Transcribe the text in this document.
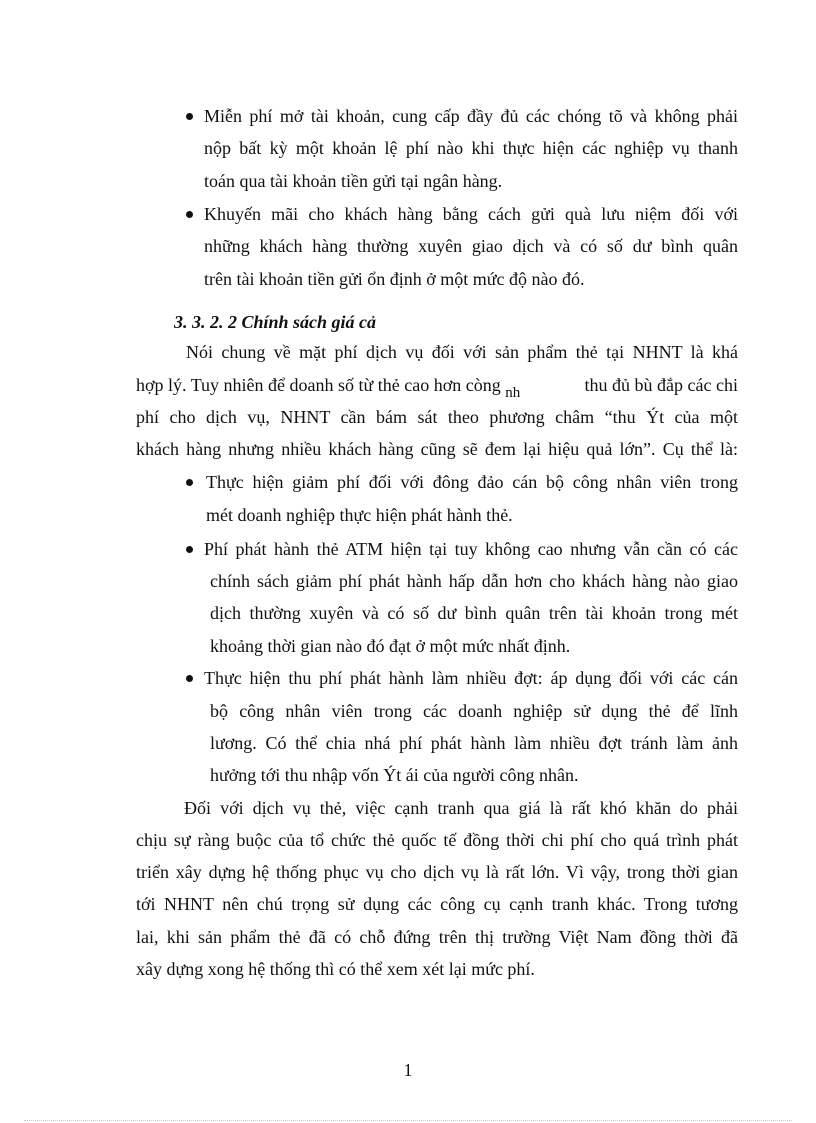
Miễn phí mở tài khoản, cung cấp đầy đủ các chóng tõ và không phải
nộp bất kỳ một khoản lệ phí nào khi thực hiện các nghiệp vụ thanh
toán qua tài khoản tiền gửi tại ngân hàng.
Khuyến mãi cho khách hàng bằng cách gửi quà lưu niệm đối với
những khách hàng thường xuyên giao dịch và có số dư bình quân
trên tài khoản tiền gửi ổn định ở một mức độ nào đó.
3. 3. 2. 2 Chính sách giá cả
Nói chung về mặt phí dịch vụ đối với sản phẩm thẻ tại NHNT là khá
hợp lý. Tuy nhiên để doanh số từ thẻ cao hơn còng $_{nh}$	thu đủ bù đắp các chi
phí cho dịch vụ, NHNT cần bám sát theo phương châm “thu Ýt của một
khách hàng nhưng nhiều khách hàng cũng sẽ đem lại hiệu quả lớn”. Cụ thể là:
Thực hiện giảm phí đối với đông đảo cán bộ công nhân viên trong
mét doanh nghiệp thực hiện phát hành thẻ.
Phí phát hành thẻ ATM hiện tại tuy không cao nhưng vẫn cần có các
chính sách giảm phí phát hành hấp dẫn hơn cho khách hàng nào giao
dịch thường xuyên và có số dư bình quân trên tài khoản trong mét
khoảng thời gian nào đó đạt ở một mức nhất định.
Thực hiện thu phí phát hành làm nhiều đợt: áp dụng đối với các cán
bộ công nhân viên trong các doanh nghiệp sử dụng thẻ để lĩnh
lương. Có thể chia nhá phí phát hành làm nhiều đợt tránh làm ảnh
hưởng tới thu nhập vốn Ýt ái của người công nhân.
Đối với dịch vụ thẻ, việc cạnh tranh qua giá là rất khó khăn do phải
chịu sự ràng buộc của tổ chức thẻ quốc tế đồng thời chi phí cho quá trình phát
triển xây dựng hệ thống phục vụ cho dịch vụ là rất lớn. Vì vậy, trong thời gian
tới NHNT nên chú trọng sử dụng các công cụ cạnh tranh khác. Trong tương
lai, khi sản phẩm thẻ đã có chỗ đứng trên thị trường Việt Nam đồng thời đã
xây dựng xong hệ thống thì có thể xem xét lại mức phí.
1
